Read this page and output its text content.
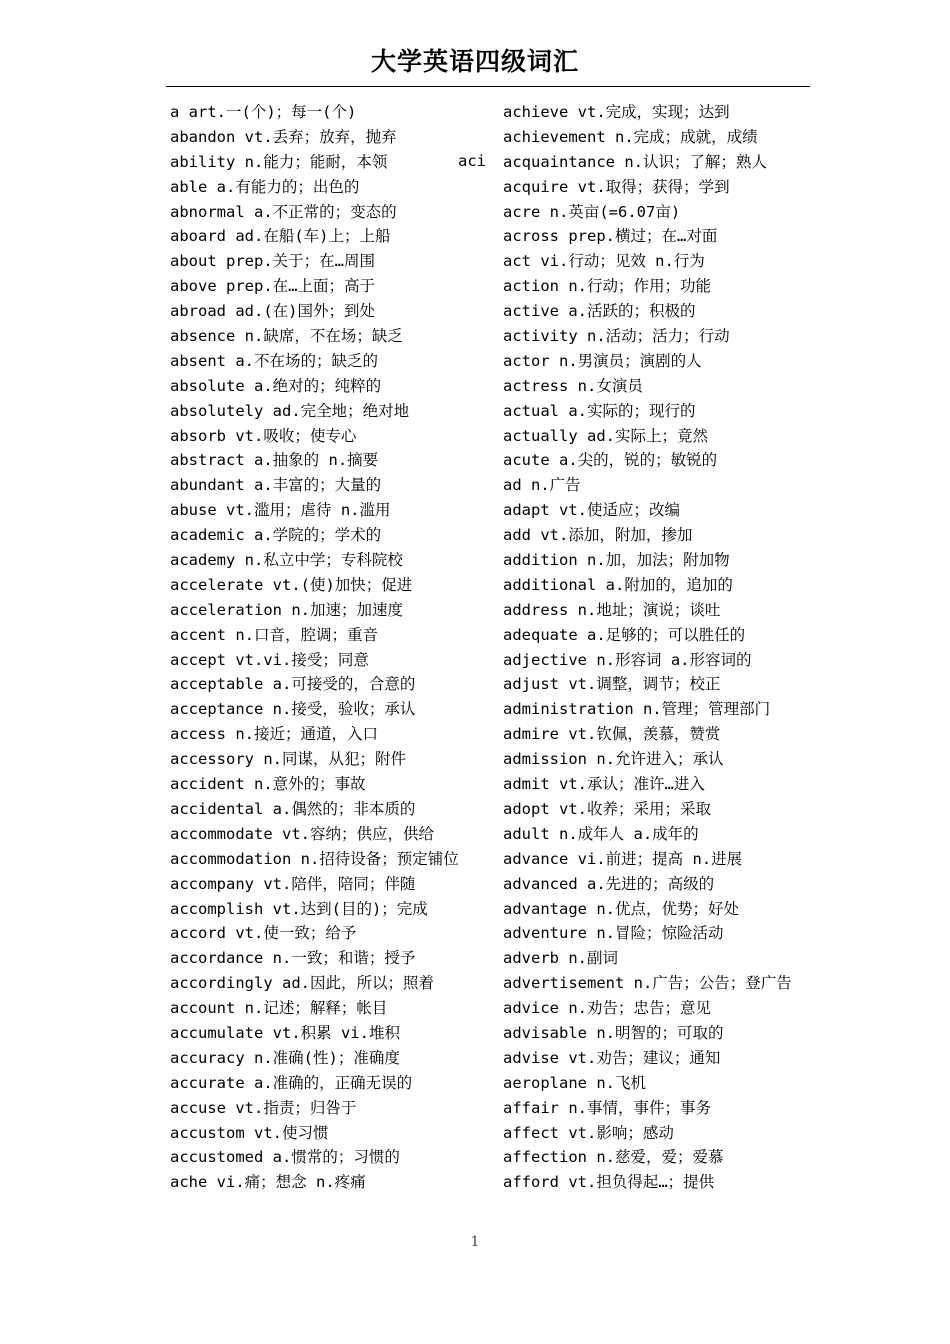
大学英语四级词汇
a art.一(个)；每一(个)
abandon vt.丢弃；放弃，抛弃
ability n.能力；能耐，本领
able a.有能力的；出色的
abnormal a.不正常的；变态的
aboard ad.在船(车)上；上船
about prep.关于；在…周围
above prep.在…上面；高于
abroad ad.(在)国外；到处
absence n.缺席，不在场；缺乏
absent a.不在场的；缺乏的
absolute a.绝对的；纯粹的
absolutely ad.完全地；绝对地
absorb vt.吸收；使专心
abstract a.抽象的 n.摘要
abundant a.丰富的；大量的
abuse vt.滥用；虐待 n.滥用
academic a.学院的；学术的
academy n.私立中学；专科院校
accelerate vt.(使)加快；促进
acceleration n.加速；加速度
accent n.口音，腔调；重音
accept vt.vi.接受；同意
acceptable a.可接受的，合意的
acceptance n.接受，验收；承认
access n.接近；通道，入口
accessory n.同谋，从犯；附件
accident n.意外的；事故
accidental a.偶然的；非本质的
accommodate vt.容纳；供应，供给
accommodation n.招待设备；预定铺位
accompany vt.陪伴，陪同；伴随
accomplish vt.达到(目的)；完成
accord vt.使一致；给予
accordance n.一致；和谐；授予
accordingly ad.因此，所以；照着
account n.记述；解释；帐目
accumulate vt.积累 vi.堆积
accuracy n.准确(性)；准确度
accurate a.准确的，正确无误的
accuse vt.指责；归咎于
accustom vt.使习惯
accustomed a.惯常的；习惯的
ache vi.痛；想念 n.疼痛
aci
achieve vt.完成，实现；达到
achievement n.完成；成就，成绩
acquaintance n.认识；了解；熟人
acquire vt.取得；获得；学到
acre n.英亩(=6.07亩)
across prep.横过；在…对面
act vi.行动；见效 n.行为
action n.行动；作用；功能
active a.活跃的；积极的
activity n.活动；活力；行动
actor n.男演员；演剧的人
actress n.女演员
actual a.实际的；现行的
actually ad.实际上；竟然
acute a.尖的，锐的；敏锐的
ad n.广告
adapt vt.使适应；改编
add vt.添加，附加，掺加
addition n.加，加法；附加物
additional a.附加的，追加的
address n.地址；演说；谈吐
adequate a.足够的；可以胜任的
adjective n.形容词 a.形容词的
adjust vt.调整，调节；校正
administration n.管理；管理部门
admire vt.钦佩，羡慕，赞赏
admission n.允许进入；承认
admit vt.承认；准许…进入
adopt vt.收养；采用；采取
adult n.成年人 a.成年的
advance vi.前进；提高 n.进展
advanced a.先进的；高级的
advantage n.优点，优势；好处
adventure n.冒险；惊险活动
adverb n.副词
advertisement n.广告；公告；登广告
advice n.劝告；忠告；意见
advisable n.明智的；可取的
advise vt.劝告；建议；通知
aeroplane n.飞机
affair n.事情，事件；事务
affect vt.影响；感动
affection n.慈爱，爱；爱慕
afford vt.担负得起…；提供
1
